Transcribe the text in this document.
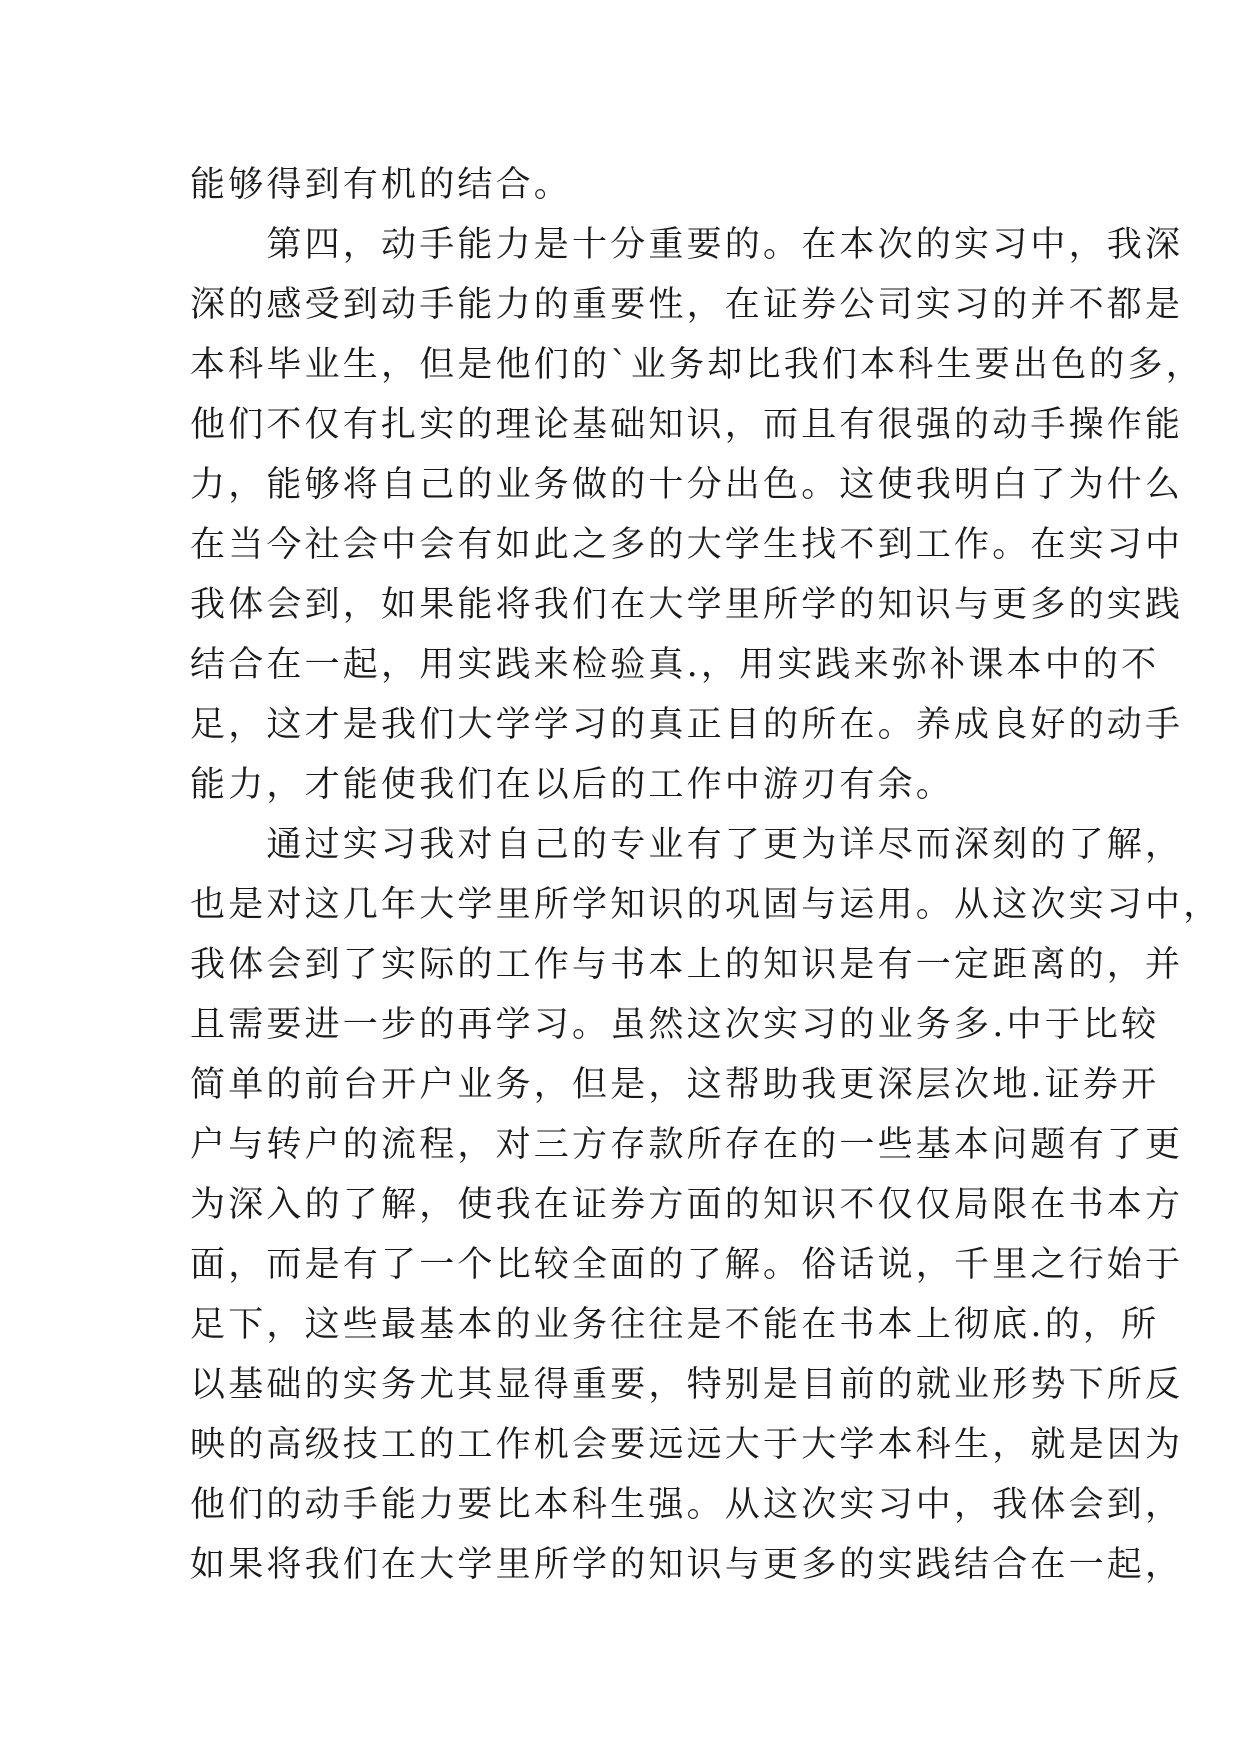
能够得到有机的结合。
　　第四，动手能力是十分重要的。在本次的实习中，我深
深的感受到动手能力的重要性，在证券公司实习的并不都是
本科毕业生，但是他们的`业务却比我们本科生要出色的多，
他们不仅有扎实的理论基础知识，而且有很强的动手操作能
力，能够将自己的业务做的十分出色。这使我明白了为什么
在当今社会中会有如此之多的大学生找不到工作。在实习中
我体会到，如果能将我们在大学里所学的知识与更多的实践
结合在一起，用实践来检验真.，用实践来弥补课本中的不
足，这才是我们大学学习的真正目的所在。养成良好的动手
能力，才能使我们在以后的工作中游刃有余。
　　通过实习我对自己的专业有了更为详尽而深刻的了解，
也是对这几年大学里所学知识的巩固与运用。从这次实习中，
我体会到了实际的工作与书本上的知识是有一定距离的，并
且需要进一步的再学习。虽然这次实习的业务多.中于比较
简单的前台开户业务，但是，这帮助我更深层次地.证券开
户与转户的流程，对三方存款所存在的一些基本问题有了更
为深入的了解，使我在证券方面的知识不仅仅局限在书本方
面，而是有了一个比较全面的了解。俗话说，千里之行始于
足下，这些最基本的业务往往是不能在书本上彻底.的，所
以基础的实务尤其显得重要，特别是目前的就业形势下所反
映的高级技工的工作机会要远远大于大学本科生，就是因为
他们的动手能力要比本科生强。从这次实习中，我体会到，
如果将我们在大学里所学的知识与更多的实践结合在一起，
